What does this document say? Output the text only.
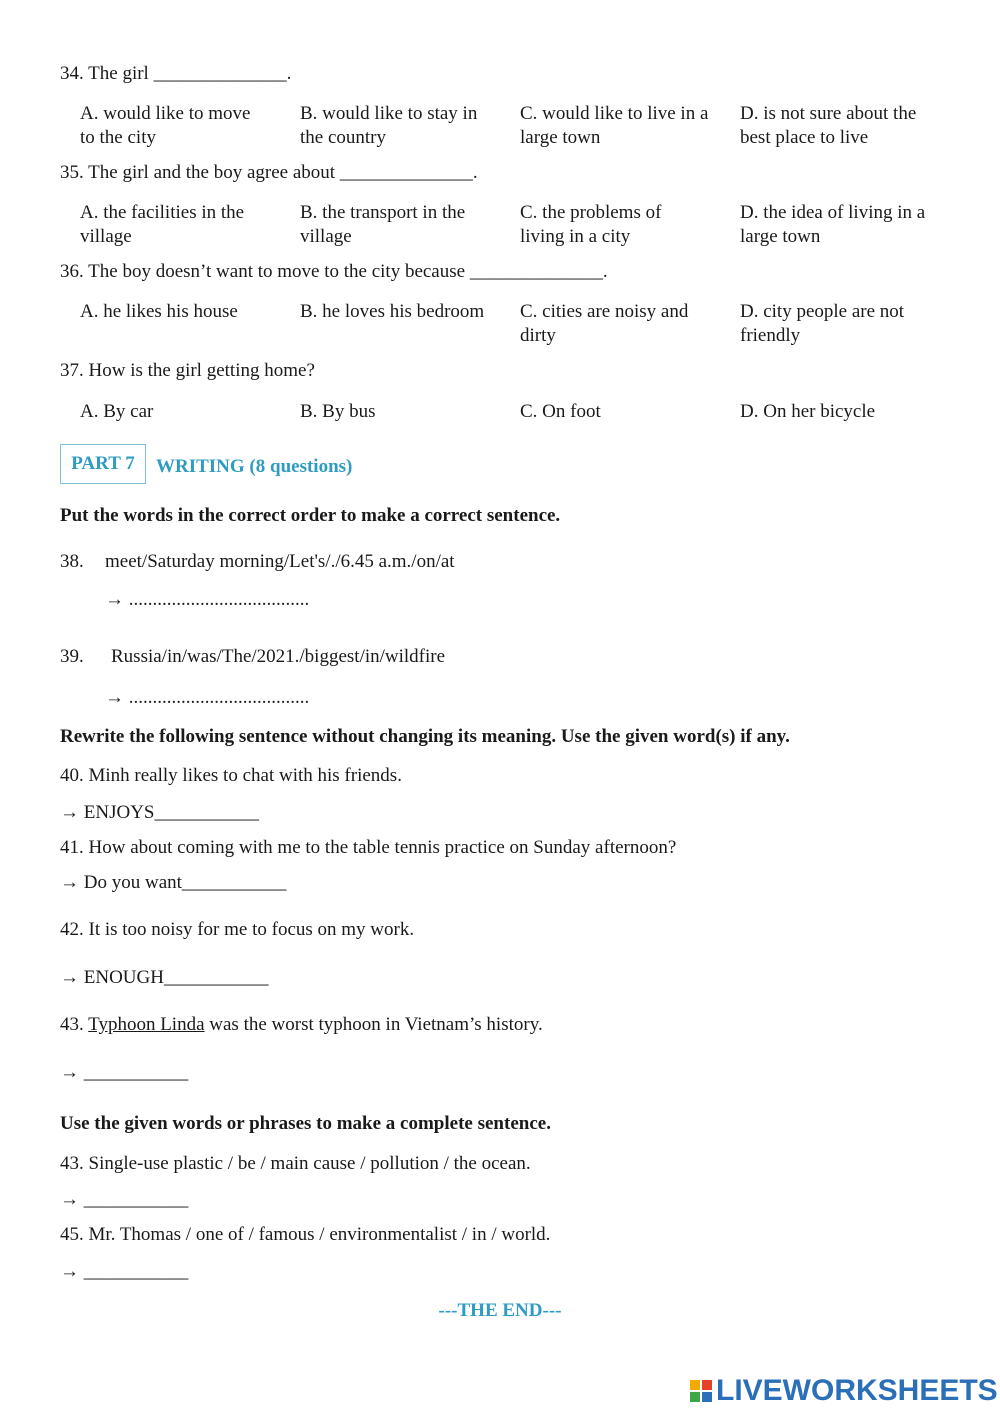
34. The girl ______________.
A. would like to move
to the city
B. would like to stay in
the country
C. would like to live in a
large town
D. is not sure about the
best place to live
35. The girl and the boy agree about ______________.
A. the facilities in the
village
B. the transport in the
village
C. the problems of
living in a city
D. the idea of living in a
large town
36. The boy doesn’t want to move to the city because ______________.
A. he likes his house	B. he loves his bedroom	C. cities are noisy and
dirty
D. city people are not
friendly
37. How is the girl getting home?
A. By car	B. By bus	C. On foot	D. On her bicycle
PART 7	WRITING (8 questions)
Put the words in the correct order to make a correct sentence.
38. meet/Saturday morning/Let's/./6.45 a.m./on/at
→ ......................................
39. Russia/in/was/The/2021./biggest/in/wildfire
→ ......................................
Rewrite the following sentence without changing its meaning. Use the given word(s) if any.
40. Minh really likes to chat with his friends.
→ ENJOYS___________
41. How about coming with me to the table tennis practice on Sunday afternoon?
→ Do you want___________
42. It is too noisy for me to focus on my work.
→ ENOUGH___________
43. Typhoon Linda was the worst typhoon in Vietnam’s history.
→ ___________
Use the given words or phrases to make a complete sentence.
43. Single-use plastic / be / main cause / pollution / the ocean.
→ ___________
45. Mr. Thomas / one of / famous / environmentalist / in / world.
→ ___________
---THE END---
LIVEWORKSHEETS
